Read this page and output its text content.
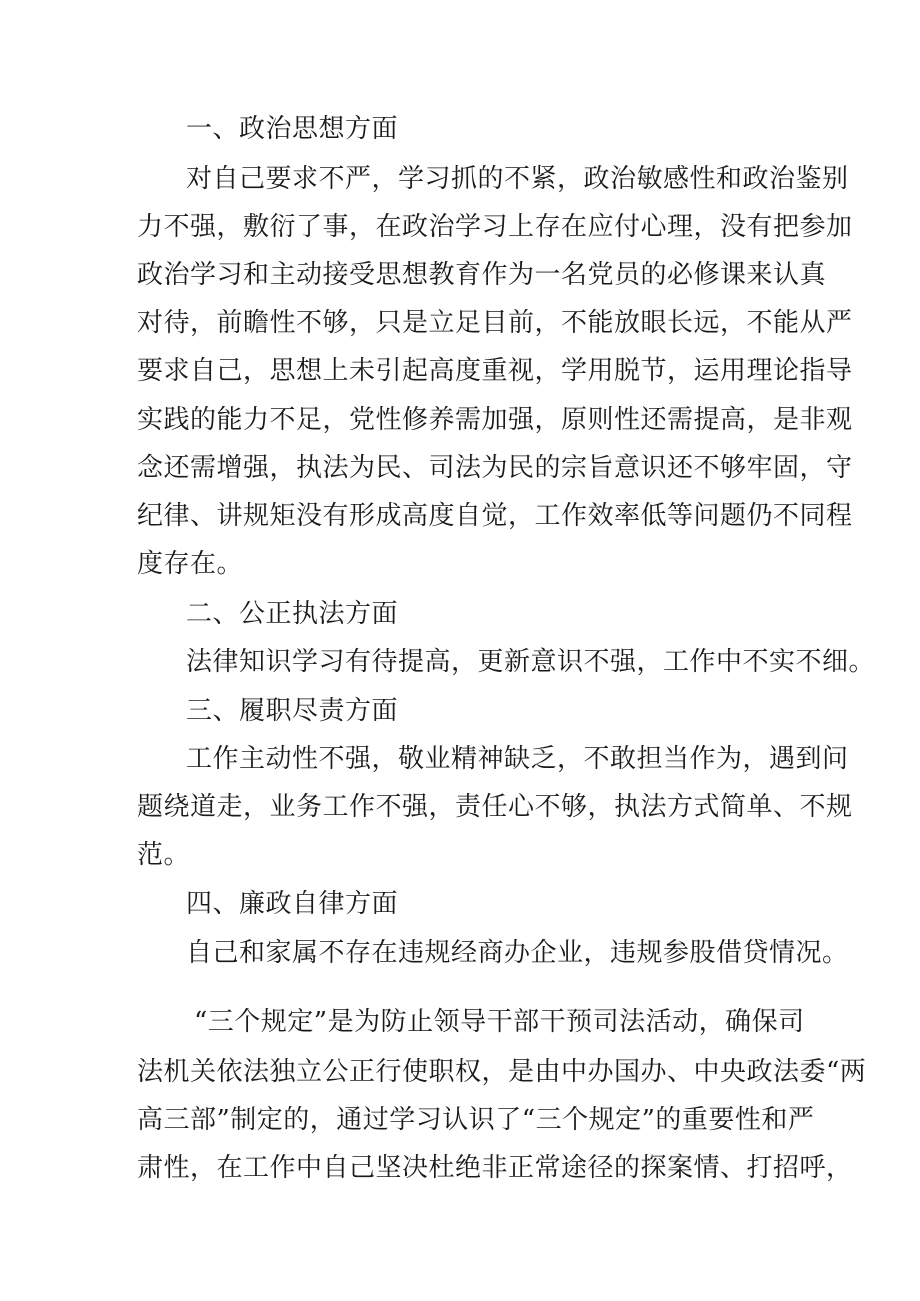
一、政治思想方面
对自己要求不严，学习抓的不紧，政治敏感性和政治鉴别
力不强，敷衍了事，在政治学习上存在应付心理，没有把参加
政治学习和主动接受思想教育作为一名党员的必修课来认真
对待，前瞻性不够，只是立足目前，不能放眼长远，不能从严
要求自己，思想上未引起高度重视，学用脱节，运用理论指导
实践的能力不足，党性修养需加强，原则性还需提高，是非观
念还需增强，执法为民、司法为民的宗旨意识还不够牢固，守
纪律、讲规矩没有形成高度自觉，工作效率低等问题仍不同程
度存在。
二、公正执法方面
法律知识学习有待提高，更新意识不强，工作中不实不细。
三、履职尽责方面
工作主动性不强，敬业精神缺乏，不敢担当作为，遇到问
题绕道走，业务工作不强，责任心不够，执法方式简单、不规
范。
四、廉政自律方面
自己和家属不存在违规经商办企业，违规参股借贷情况。
“三个规定”是为防止领导干部干预司法活动，确保司
法机关依法独立公正行使职权，是由中办国办、中央政法委“两
高三部”制定的，通过学习认识了“三个规定”的重要性和严
肃性，在工作中自己坚决杜绝非正常途径的探案情、打招呼，
